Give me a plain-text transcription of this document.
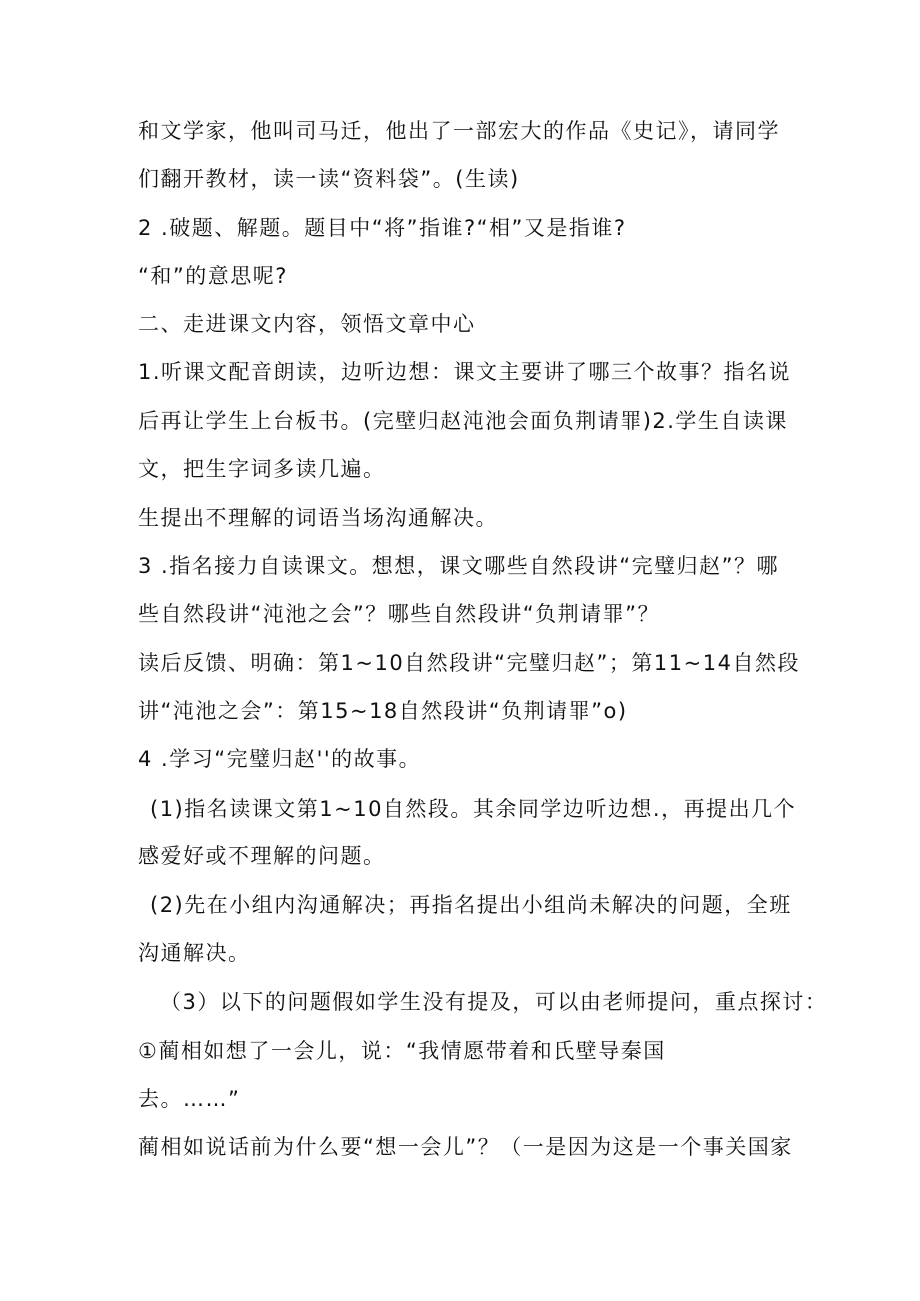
和文学家，他叫司马迁，他出了一部宏大的作品《史记》，请同学
们翻开教材，读一读“资料袋”。(生读)
2 .破题、解题。题目中“将”指谁?“相”又是指谁?
“和”的意思呢?
二、走进课文内容，领悟文章中心
1.听课文配音朗读，边听边想：课文主要讲了哪三个故事？指名说
后再让学生上台板书。(完壁归赵沌池会面负荆请罪)2.学生自读课
文，把生字词多读几遍。
生提出不理解的词语当场沟通解决。
3 .指名接力自读课文。想想，课文哪些自然段讲“完璧归赵”？哪
些自然段讲“沌池之会”？哪些自然段讲“负荆请罪”？
读后反馈、明确：第1~10自然段讲“完璧归赵”；第11~14自然段
讲“沌池之会”：第15~18自然段讲“负荆请罪”o)
4 .学习“完璧归赵''的故事。
(1)指名读课文第1~10自然段。其余同学边听边想.，再提出几个
感爱好或不理解的问题。
(2)先在小组内沟通解决；再指名提出小组尚未解决的问题，全班
沟通解决。
（3）以下的问题假如学生没有提及，可以由老师提问，重点探讨：
①蔺相如想了一会儿，说：“我情愿带着和氏壁导秦国
去。……”
蔺相如说话前为什么要“想一会儿”？（一是因为这是一个事关国家
